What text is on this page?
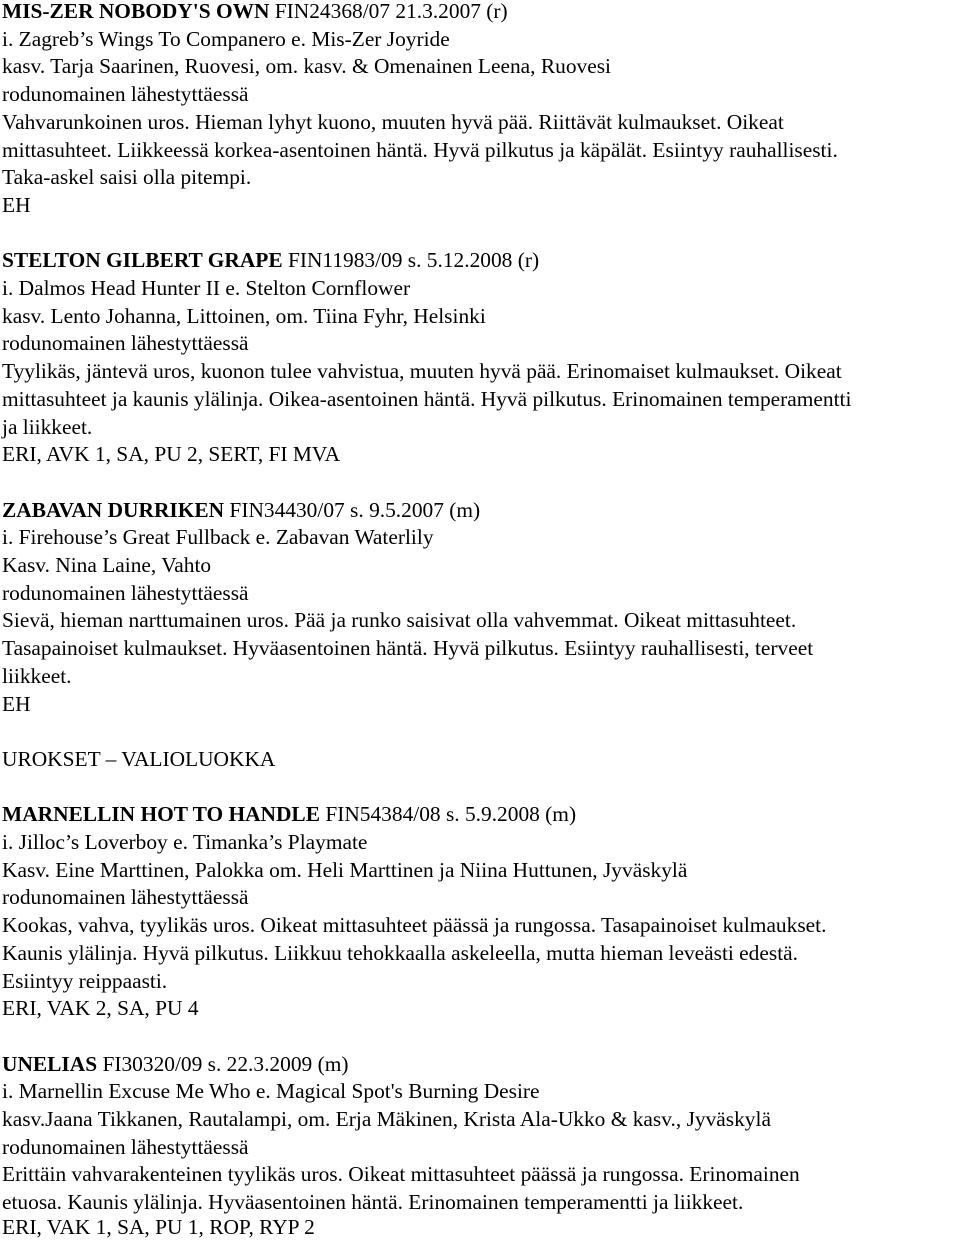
MIS-ZER NOBODY'S OWN FIN24368/07 21.3.2007 (r)
i. Zagreb’s Wings To Companero e. Mis-Zer Joyride
kasv. Tarja Saarinen, Ruovesi, om. kasv. & Omenainen Leena, Ruovesi
rodunomainen lähestyttäessä
Vahvarunkoinen uros. Hieman lyhyt kuono, muuten hyvä pää. Riittävät kulmaukset. Oikeat
mittasuhteet. Liikkeessä korkea-asentoinen häntä. Hyvä pilkutus ja käpälät. Esiintyy rauhallisesti.
Taka-askel saisi olla pitempi.
EH
STELTON GILBERT GRAPE FIN11983/09 s. 5.12.2008 (r)
i. Dalmos Head Hunter II e. Stelton Cornflower
kasv. Lento Johanna, Littoinen, om. Tiina Fyhr, Helsinki
rodunomainen lähestyttäessä
Tyylikäs, jäntevä uros, kuonon tulee vahvistua, muuten hyvä pää. Erinomaiset kulmaukset. Oikeat
mittasuhteet ja kaunis ylälinja. Oikea-asentoinen häntä. Hyvä pilkutus. Erinomainen temperamentti
ja liikkeet.
ERI, AVK 1, SA, PU 2, SERT, FI MVA
ZABAVAN DURRIKEN FIN34430/07 s. 9.5.2007 (m)
i. Firehouse’s Great Fullback e. Zabavan Waterlily
Kasv. Nina Laine, Vahto
rodunomainen lähestyttäessä
Sievä, hieman narttumainen uros. Pää ja runko saisivat olla vahvemmat. Oikeat mittasuhteet.
Tasapainoiset kulmaukset. Hyväasentoinen häntä. Hyvä pilkutus. Esiintyy rauhallisesti, terveet
liikkeet.
EH
UROKSET – VALIOLUOKKA
MARNELLIN HOT TO HANDLE FIN54384/08 s. 5.9.2008 (m)
i. Jilloc’s Loverboy e. Timanka’s Playmate
Kasv. Eine Marttinen, Palokka om. Heli Marttinen ja Niina Huttunen, Jyväskylä
rodunomainen lähestyttäessä
Kookas, vahva, tyylikäs uros. Oikeat mittasuhteet päässä ja rungossa. Tasapainoiset kulmaukset.
Kaunis ylälinja. Hyvä pilkutus. Liikkuu tehokkaalla askeleella, mutta hieman leveästi edestä.
Esiintyy reippaasti.
ERI, VAK 2, SA, PU 4
UNELIAS FI30320/09 s. 22.3.2009 (m)
i. Marnellin Excuse Me Who e. Magical Spot's Burning Desire
kasv.Jaana Tikkanen, Rautalampi, om. Erja Mäkinen, Krista Ala-Ukko & kasv., Jyväskylä
rodunomainen lähestyttäessä
Erittäin vahvarakenteinen tyylikäs uros. Oikeat mittasuhteet päässä ja rungossa. Erinomainen
etuosa. Kaunis ylälinja. Hyväasentoinen häntä. Erinomainen temperamentti ja liikkeet.
ERI, VAK 1, SA, PU 1, ROP, RYP 2
